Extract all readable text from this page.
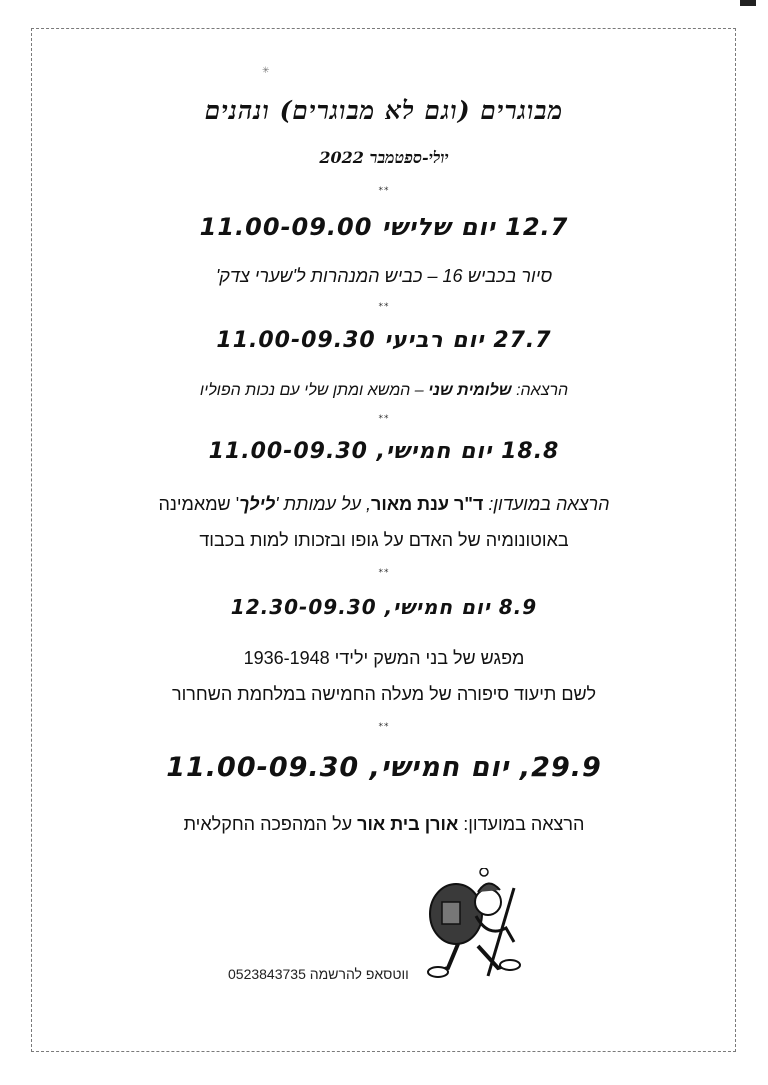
✳
מבוגרים (וגם לא מבוגרים) ונהנים
יולי-ספטמבר 2022
**
12.7 יום שלישי 11.00-09.00
סיור בכביש 16 – כביש המנהרות ל'שערי צדק'
**
27.7 יום רביעי 11.00-09.30
הרצאה: שלומית שני – המשא ומתן שלי עם נכות הפוליו
**
18.8 יום חמישי, 11.00-09.30
הרצאה במועדון: ד"ר ענת מאור, על עמותת 'לילך' שמאמינה
באוטונומיה של האדם על גופו ובזכותו למות בכבוד
**
8.9 יום חמישי, 12.30-09.30
מפגש של בני המשק ילידי 1936-1948
לשם תיעוד סיפורה של מעלה החמישה במלחמת השחרור
**
29.9, יום חמישי, 11.00-09.30
הרצאה במועדון: אורן בית אור על המהפכה החקלאית
ווטסאפ להרשמה 0523843735
